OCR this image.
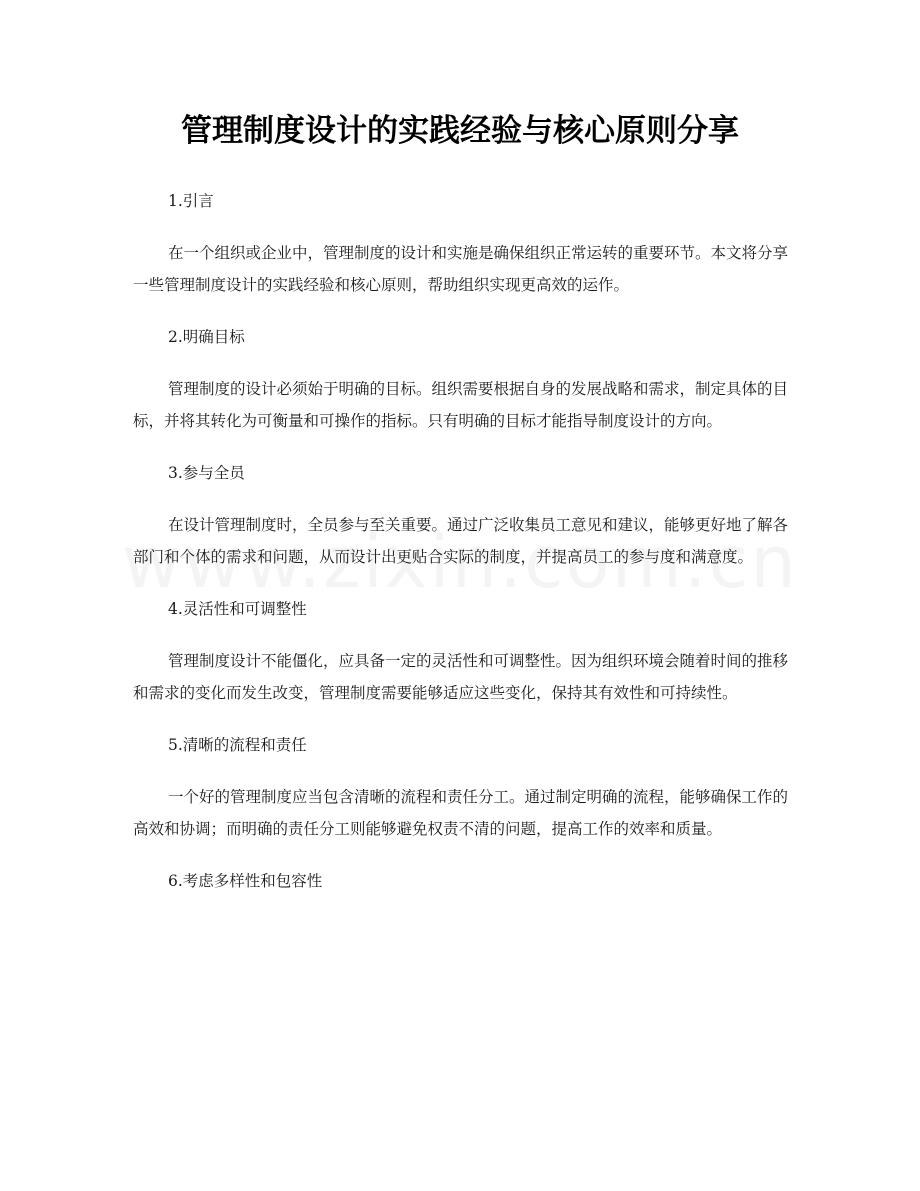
管理制度设计的实践经验与核心原则分享

1.引言

在一个组织或企业中，管理制度的设计和实施是确保组织正常运转的重要环节。本文将分享一些管理制度设计的实践经验和核心原则，帮助组织实现更高效的运作。

2.明确目标

管理制度的设计必须始于明确的目标。组织需要根据自身的发展战略和需求，制定具体的目标，并将其转化为可衡量和可操作的指标。只有明确的目标才能指导制度设计的方向。

3.参与全员

在设计管理制度时，全员参与至关重要。通过广泛收集员工意见和建议，能够更好地了解各部门和个体的需求和问题，从而设计出更贴合实际的制度，并提高员工的参与度和满意度。

4.灵活性和可调整性

管理制度设计不能僵化，应具备一定的灵活性和可调整性。因为组织环境会随着时间的推移和需求的变化而发生改变，管理制度需要能够适应这些变化，保持其有效性和可持续性。

5.清晰的流程和责任

一个好的管理制度应当包含清晰的流程和责任分工。通过制定明确的流程，能够确保工作的高效和协调；而明确的责任分工则能够避免权责不清的问题，提高工作的效率和质量。

6.考虑多样性和包容性
